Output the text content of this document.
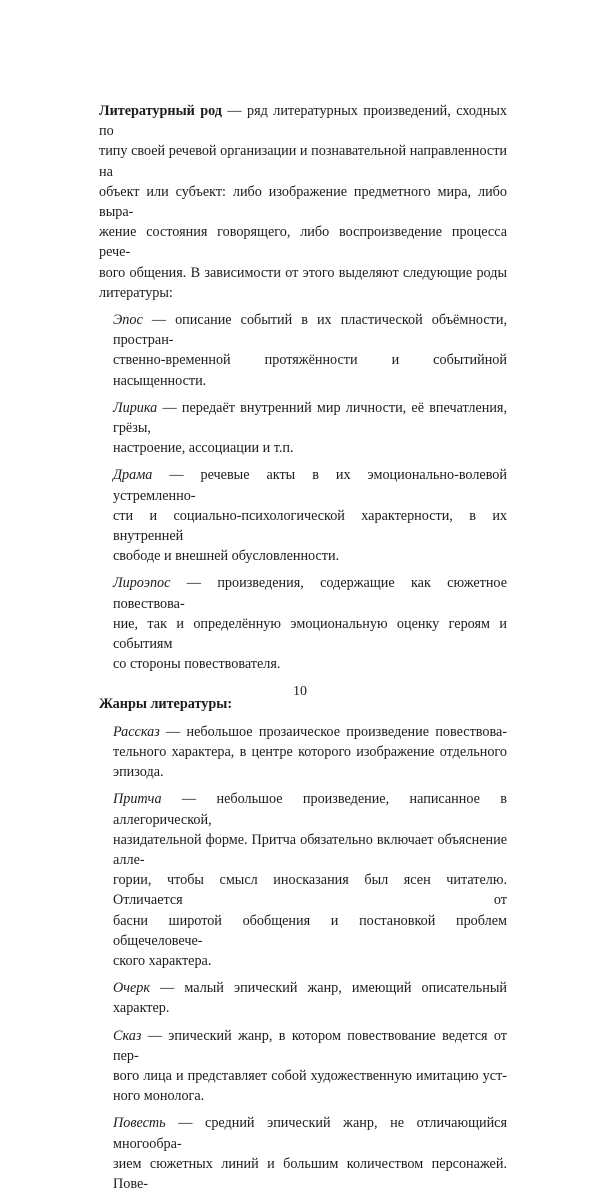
Литературный род — ряд литературных произведений, сходных по
типу своей речевой организации и познавательной направленности на
объект или субъект: либо изображение предметного мира, либо выра-
жение состояния говорящего, либо воспроизведение процесса рече-
вого общения. В зависимости от этого выделяют следующие роды
литературы:

Эпос — описание событий в их пластической объёмности, простран-
ственно-временной протяжённости и событийной насыщенности.

Лирика — передаёт внутренний мир личности, её впечатления, грёзы,
настроение, ассоциации и т.п.

Драма — речевые акты в их эмоционально-волевой устремленно-
сти и социально-психологической характерности, в их внутренней
свободе и внешней обусловленности.

Лироэпос — произведения, содержащие как сюжетное повествова-
ние, так и определённую эмоциональную оценку героям и событиям
со стороны повествователя.

Жанры литературы:

Рассказ — небольшое прозаическое произведение повествова-
тельного характера, в центре которого изображение отдельного
эпизода.

Притча — небольшое произведение, написанное в аллегорической,
назидательной форме. Притча обязательно включает объяснение алле-
гории, чтобы смысл иносказания был ясен читателю. Отличается от
басни широтой обобщения и постановкой проблем общечеловече-
ского характера.

Очерк — малый эпический жанр, имеющий описательный характер.

Сказ — эпический жанр, в котором повествование ведется от пер-
вого лица и представляет собой художественную имитацию уст-
ного монолога.

Повесть — средний эпический жанр, не отличающийся многообра-
зием сюжетных линий и большим количеством персонажей. Пове-

10
